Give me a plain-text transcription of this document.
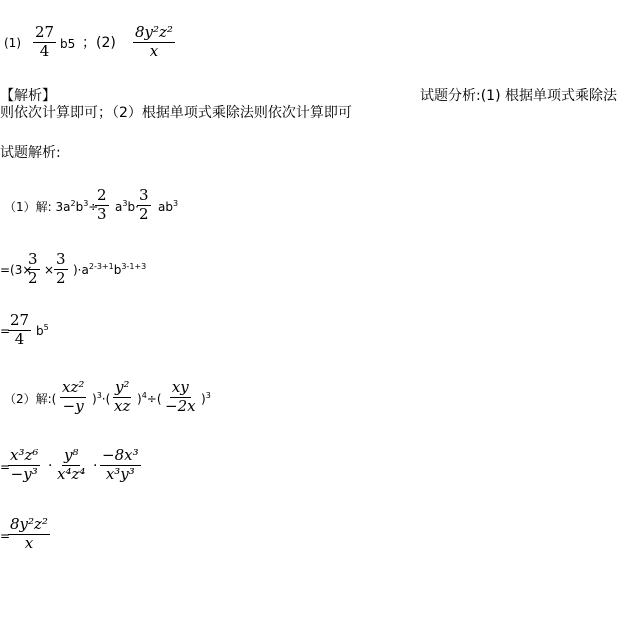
$(1) \frac{27}{4} b5$ ；$(2) \frac{\text{8y²z²}}{x}$
【解析】	试题分析:(1) 根据单项式乘除法
则依次计算即可；（2）根据单项式乘除法则依次计算即可
试题解析:
（1）解: $3a^2b^3\div$
$\frac{2}{3} a^3b\cdot$
$\frac{3}{2} ab^3$
=(3×
$\frac{3}{2} \times \frac{3}{2} )\cdot a^{2-3+1}b^{3-1+3}$
=
$\frac{27}{4} b^5$
（2）解:( $\frac{\text{xz²}}{-y} )^3\cdot( \frac{\text{y²}}{xz} )^4\div( \frac{xy}{-2x} )^3$
=
$\frac{\text{x³z⁶}}{\text{−y³}} \cdot \frac{\text{y⁸}}{\text{x⁴z⁴}} \cdot \frac{\text{−8x³}}{\text{x³y³}}$
=
$\frac{\text{8y²z²}}{x}$
